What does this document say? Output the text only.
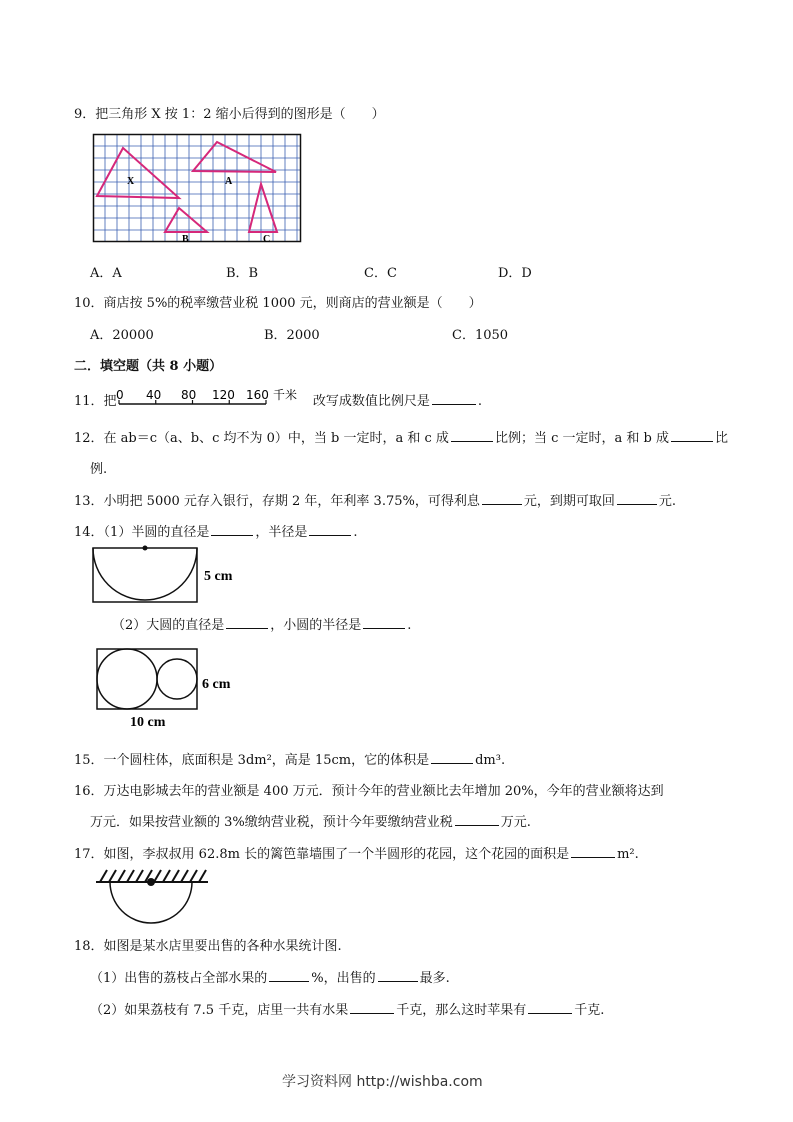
9．把三角形 X 按 1：2 缩小后得到的图形是（　　）
X	A
B	C
A．A	B．B	C．C	D．D
10．商店按 5%的税率缴营业税 1000 元，则商店的营业额是（　　）
A．20000	B．2000	C．1050
二．填空题（共 8 小题）
11．把	改写成数值比例尺是	.
0 40 80 120 160 千米
12．在 ab＝c（a、b、c 均不为 0）中，当 b 一定时，a 和 c 成	比例；当 c 一定时，a 和 b 成	比
例.
13．小明把 5000 元存入银行，存期 2 年，年利率 3.75%，可得利息	元，到期可取回	元.
14．（1）半圆的直径是	，半径是	.
5 cm
（2）大圆的直径是	，小圆的半径是	.
6 cm
10 cm
15．一个圆柱体，底面积是 3dm²，高是 15cm，它的体积是	dm³.
16．万达电影城去年的营业额是 400 万元．预计今年的营业额比去年增加 20%，今年的营业额将达到
万元．如果按营业额的 3%缴纳营业税，预计今年要缴纳营业税	万元.
17．如图，李叔叔用 62.8m 长的篱笆靠墙围了一个半圆形的花园，这个花园的面积是	m².
18．如图是某水店里要出售的各种水果统计图.
（1）出售的荔枝占全部水果的	%，出售的	最多.
（2）如果荔枝有 7.5 千克，店里一共有水果	千克，那么这时苹果有	千克.
学习资料网 http://wishba.com
